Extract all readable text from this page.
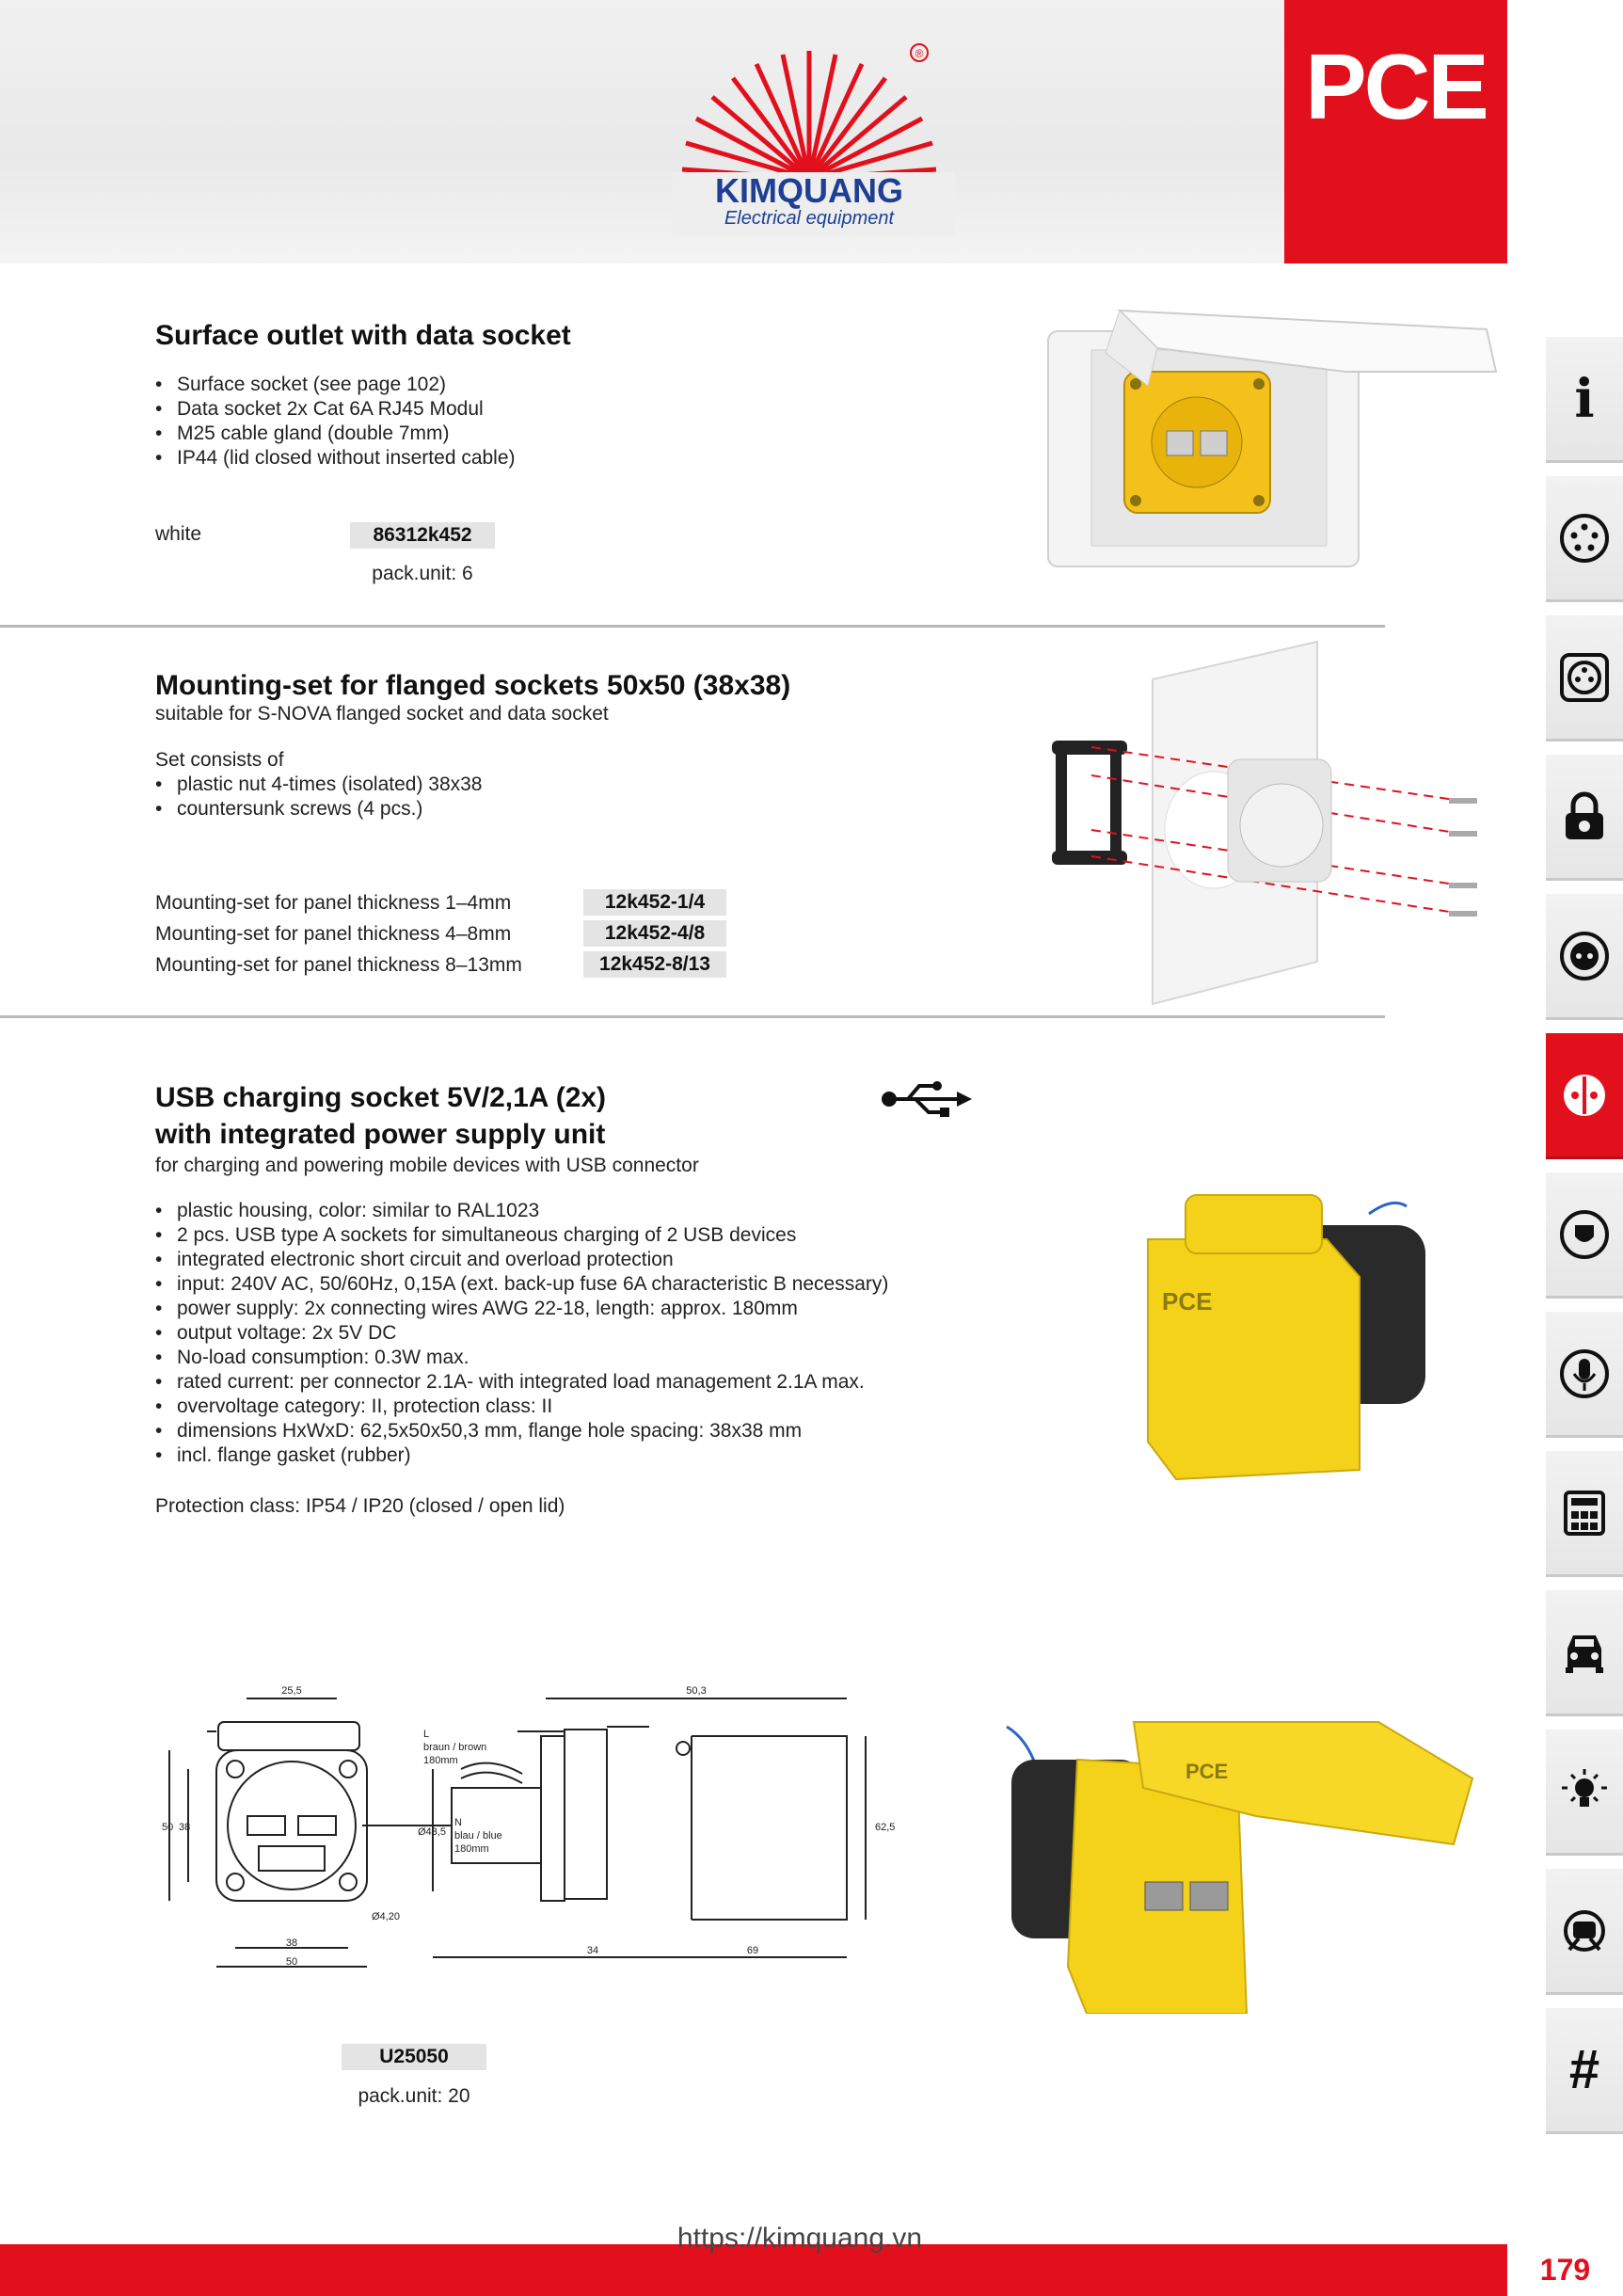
®
KIMQUANG
Electrical equipment
PCE
Surface outlet with data socket
• Surface socket (see page 102)
• Data socket 2x Cat 6A RJ45 Modul
• M25 cable gland (double 7mm)
• IP44 (lid closed without inserted cable)
white	86312k452
pack.unit: 6
Mounting-set for flanged sockets 50x50 (38x38)
suitable for S-NOVA flanged socket and data socket
Set consists of
• plastic nut 4-times (isolated) 38x38
• countersunk screws (4 pcs.)
Mounting-set for panel thickness 1–4mm	12k452-1/4
Mounting-set for panel thickness 4–8mm	12k452-4/8
Mounting-set for panel thickness 8–13mm	12k452-8/13
USB charging socket 5V/2,1A (2x)
with integrated power supply unit
for charging and powering mobile devices with USB connector
• plastic housing, color: similar to RAL1023
• 2 pcs. USB type A sockets for simultaneous charging of 2 USB devices
• integrated electronic short circuit and overload protection
• input: 240V AC, 50/60Hz, 0,15A (ext. back-up fuse 6A characteristic B necessary)
• power supply: 2x connecting wires AWG 22-18, length: approx. 180mm
• output voltage: 2x 5V DC
• No-load consumption: 0.3W max.
• rated current: per connector 2.1A- with integrated load management 2.1A max.
• overvoltage category: II, protection class: II
• dimensions HxWxD: 62,5x50x50,3 mm, flange hole spacing: 38x38 mm
• incl. flange gasket (rubber)
Protection class: IP54 / IP20 (closed / open lid)
PCE
25,5
50 38
38
50
Ø4,20
50,3
Ø43,5	62,5
34	69
L
braun / brown
180mm
N
blau / blue
180mm
PCE
U25050
pack.unit: 20
i
#
https://kimquang.vn
179
